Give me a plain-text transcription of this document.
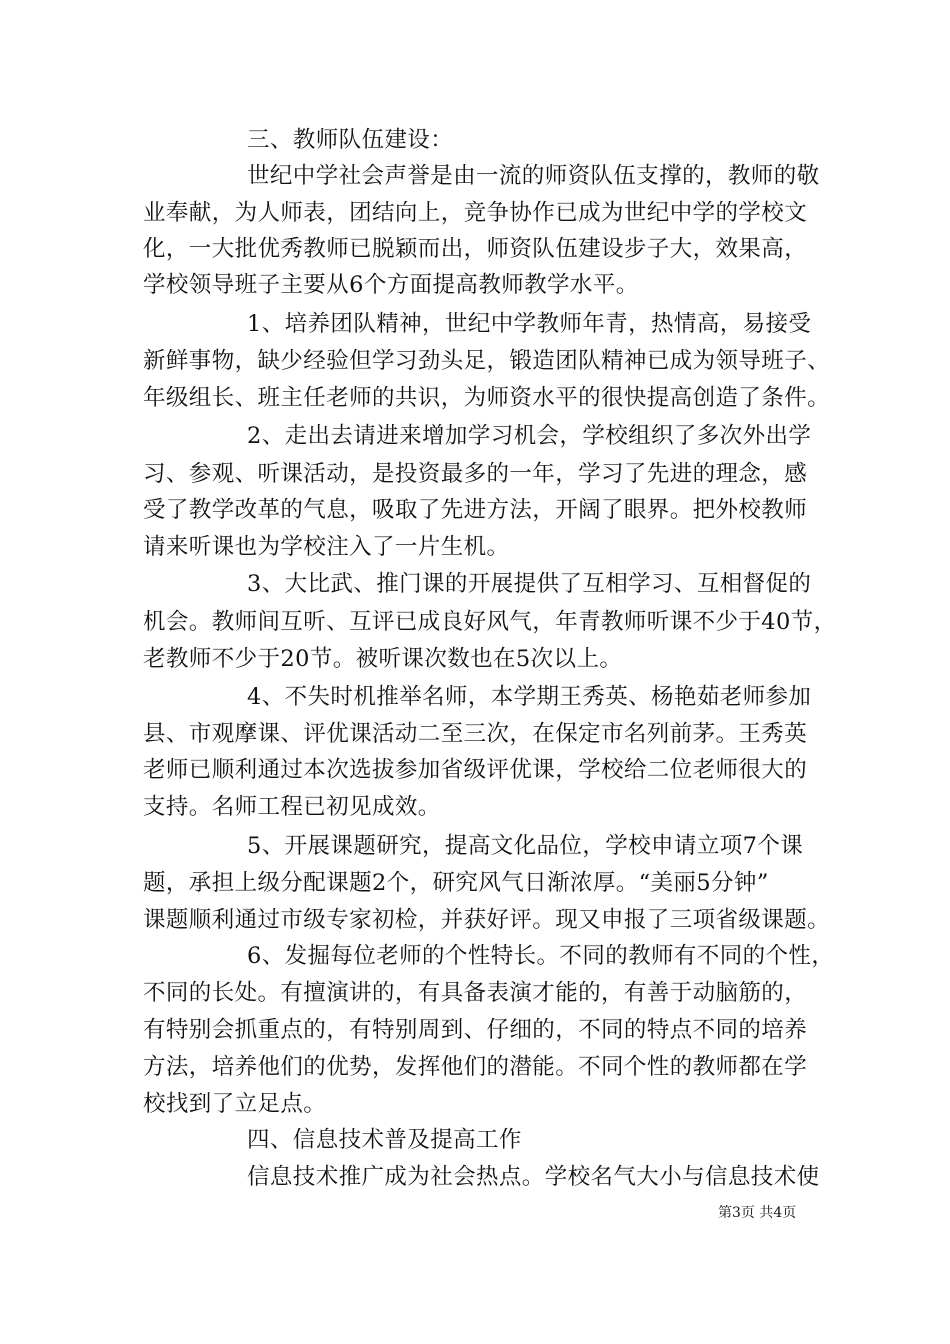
三、教师队伍建设：
世纪中学社会声誉是由一流的师资队伍支撑的，教师的敬
业奉献，为人师表，团结向上，竞争协作已成为世纪中学的学校文
化，一大批优秀教师已脱颖而出，师资队伍建设步子大，效果高，
学校领导班子主要从6个方面提高教师教学水平。
1、培养团队精神，世纪中学教师年青，热情高，易接受
新鲜事物，缺少经验但学习劲头足，锻造团队精神已成为领导班子、
年级组长、班主任老师的共识，为师资水平的很快提高创造了条件。
2、走出去请进来增加学习机会，学校组织了多次外出学
习、参观、听课活动，是投资最多的一年，学习了先进的理念，感
受了教学改革的气息，吸取了先进方法，开阔了眼界。把外校教师
请来听课也为学校注入了一片生机。
3、大比武、推门课的开展提供了互相学习、互相督促的
机会。教师间互听、互评已成良好风气，年青教师听课不少于40节，
老教师不少于20节。被听课次数也在5次以上。
4、不失时机推举名师，本学期王秀英、杨艳茹老师参加
县、市观摩课、评优课活动二至三次，在保定市名列前茅。王秀英
老师已顺利通过本次选拔参加省级评优课，学校给二位老师很大的
支持。名师工程已初见成效。
5、开展课题研究，提高文化品位，学校申请立项7个课
题，承担上级分配课题2个，研究风气日渐浓厚。“美丽5分钟”
课题顺利通过市级专家初检，并获好评。现又申报了三项省级课题。
6、发掘每位老师的个性特长。不同的教师有不同的个性，
不同的长处。有擅演讲的，有具备表演才能的，有善于动脑筋的，
有特别会抓重点的，有特别周到、仔细的，不同的特点不同的培养
方法，培养他们的优势，发挥他们的潜能。不同个性的教师都在学
校找到了立足点。
四、信息技术普及提高工作
信息技术推广成为社会热点。学校名气大小与信息技术使
第3页 共4页
